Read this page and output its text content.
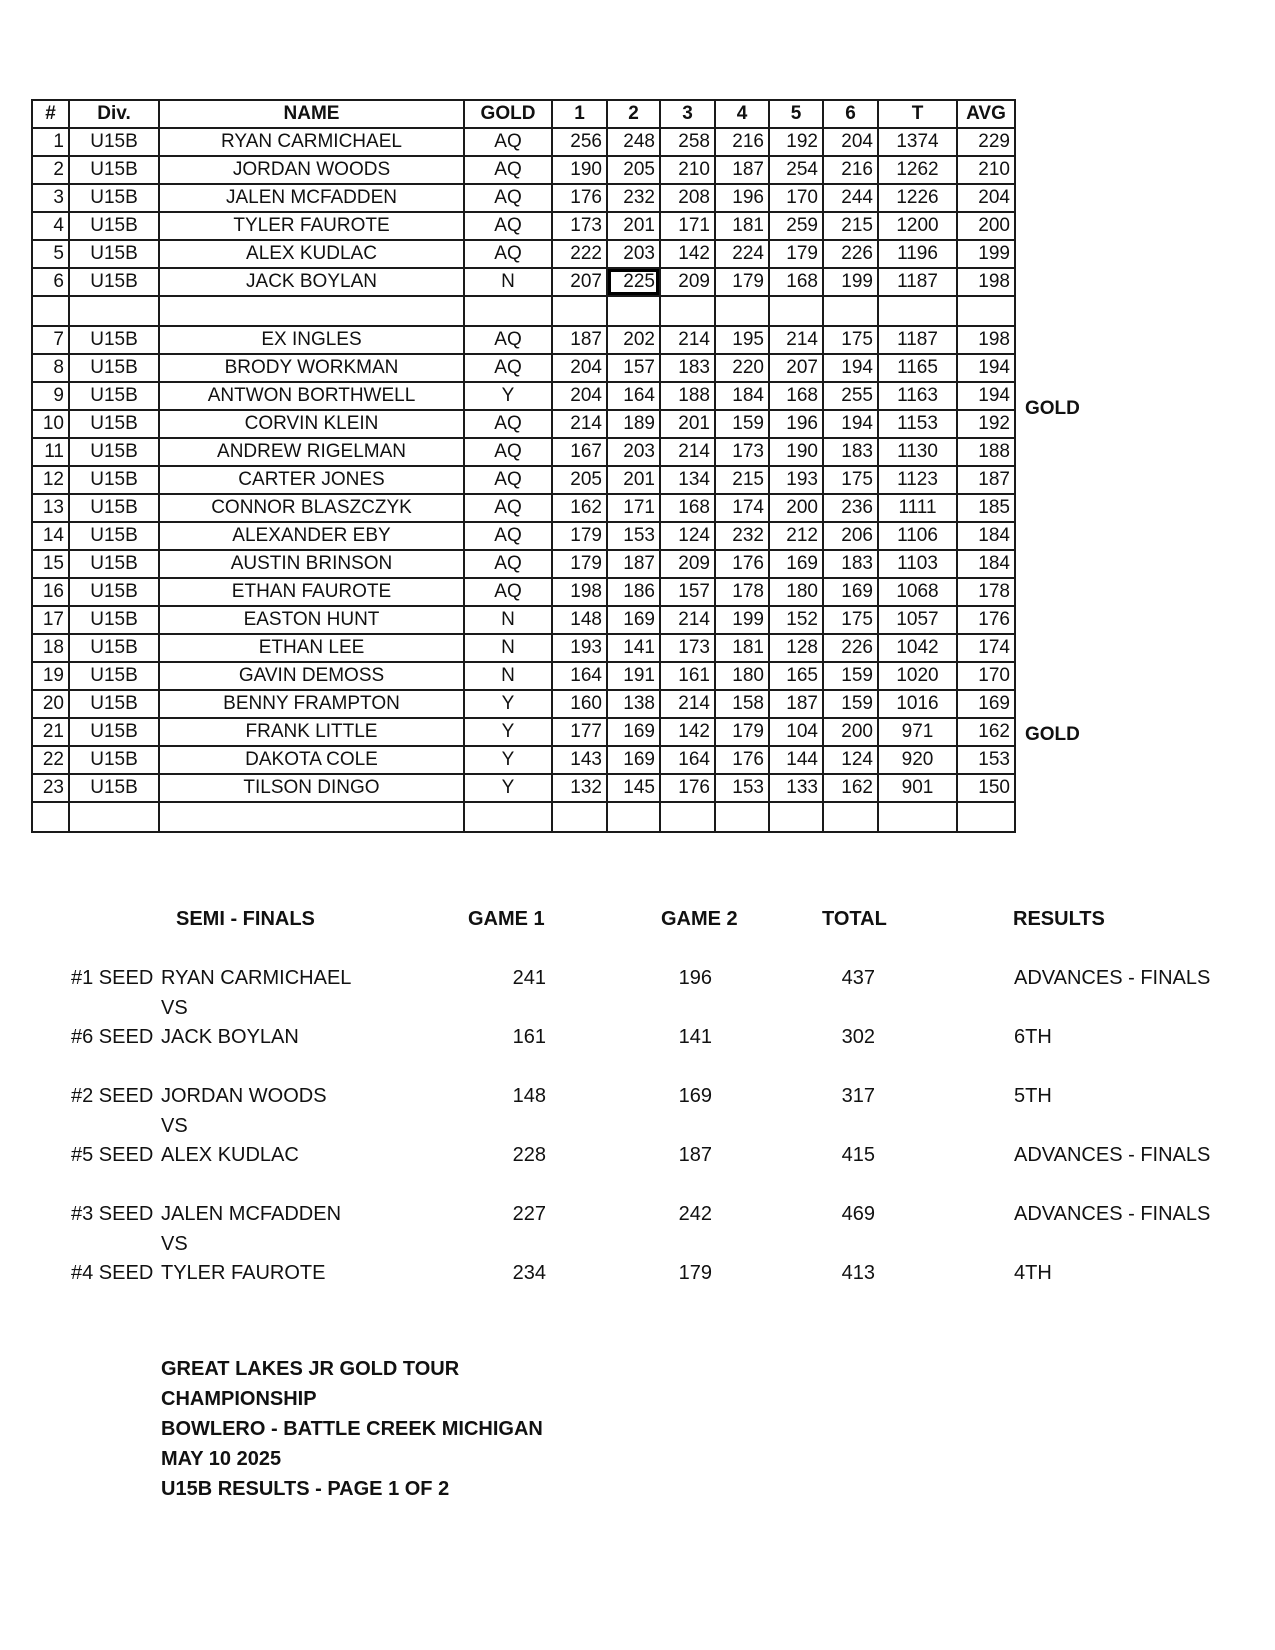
#	Div.	NAME	GOLD	1	2	3	4	5	6	T	AVG
1	U15B	RYAN CARMICHAEL	AQ	256	248	258	216	192	204	1374	229
2	U15B	JORDAN WOODS	AQ	190	205	210	187	254	216	1262	210
3	U15B	JALEN MCFADDEN	AQ	176	232	208	196	170	244	1226	204
4	U15B	TYLER FAUROTE	AQ	173	201	171	181	259	215	1200	200
5	U15B	ALEX KUDLAC	AQ	222	203	142	224	179	226	1196	199
6	U15B	JACK BOYLAN	N	207	225	209	179	168	199	1187	198

7	U15B	EX INGLES	AQ	187	202	214	195	214	175	1187	198
8	U15B	BRODY WORKMAN	AQ	204	157	183	220	207	194	1165	194
9	U15B	ANTWON BORTHWELL	Y	204	164	188	184	168	255	1163	194
10	U15B	CORVIN KLEIN	AQ	214	189	201	159	196	194	1153	192
11	U15B	ANDREW RIGELMAN	AQ	167	203	214	173	190	183	1130	188
12	U15B	CARTER JONES	AQ	205	201	134	215	193	175	1123	187
13	U15B	CONNOR BLASZCZYK	AQ	162	171	168	174	200	236	1111	185
14	U15B	ALEXANDER EBY	AQ	179	153	124	232	212	206	1106	184
15	U15B	AUSTIN BRINSON	AQ	179	187	209	176	169	183	1103	184
16	U15B	ETHAN FAUROTE	AQ	198	186	157	178	180	169	1068	178
17	U15B	EASTON HUNT	N	148	169	214	199	152	175	1057	176
18	U15B	ETHAN LEE	N	193	141	173	181	128	226	1042	174
19	U15B	GAVIN DEMOSS	N	164	191	161	180	165	159	1020	170
20	U15B	BENNY FRAMPTON	Y	160	138	214	158	187	159	1016	169
21	U15B	FRANK LITTLE	Y	177	169	142	179	104	200	971	162
22	U15B	DAKOTA COLE	Y	143	169	164	176	144	124	920	153
23	U15B	TILSON DINGO	Y	132	145	176	153	133	162	901	150

GOLD
GOLD
SEMI - FINALS	GAME 1	GAME 2	TOTAL	RESULTS
#1 SEED RYAN CARMICHAEL	241	196	437	ADVANCES - FINALS
#6 SEED JACK BOYLAN	161	141	302	6TH
VS
#2 SEED JORDAN WOODS	148	169	317	5TH
#5 SEED ALEX KUDLAC	228	187	415	ADVANCES - FINALS
VS
#3 SEED JALEN MCFADDEN	227	242	469	ADVANCES - FINALS
#4 SEED TYLER FAUROTE	234	179	413	4TH
VS
GREAT LAKES JR GOLD TOUR
CHAMPIONSHIP
BOWLERO - BATTLE CREEK MICHIGAN
MAY 10 2025
U15B RESULTS - PAGE 1 OF 2
